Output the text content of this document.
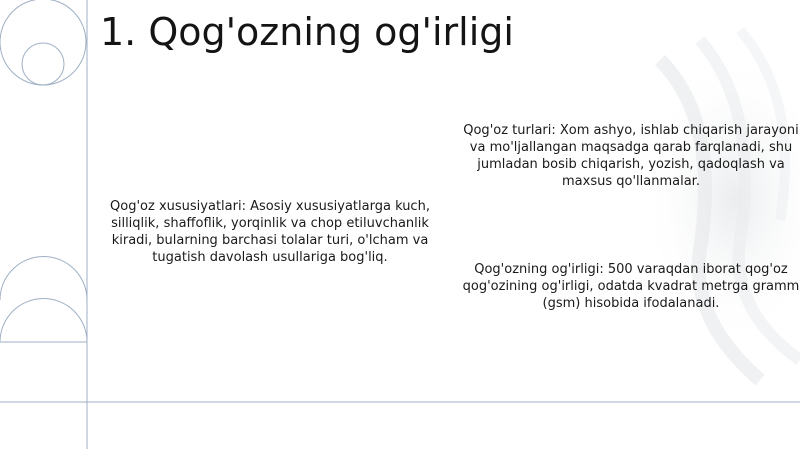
1. Qog'ozning og'irligi

Qog'oz xususiyatlari: Asosiy xususiyatlarga kuch, silliqlik, shaffoflik, yorqinlik va chop etiluvchanlik kiradi, bularning barchasi tolalar turi, o'lcham va tugatish davolash usullariga bog'liq.

Qog'oz turlari: Xom ashyo, ishlab chiqarish jarayoni va mo'ljallangan maqsadga qarab farqlanadi, shu jumladan bosib chiqarish, yozish, qadoqlash va maxsus qo'llanmalar.

Qog'ozning og'irligi: 500 varaqdan iborat qog'oz qog'ozining og'irligi, odatda kvadrat metrga gramm (gsm) hisobida ifodalanadi.
